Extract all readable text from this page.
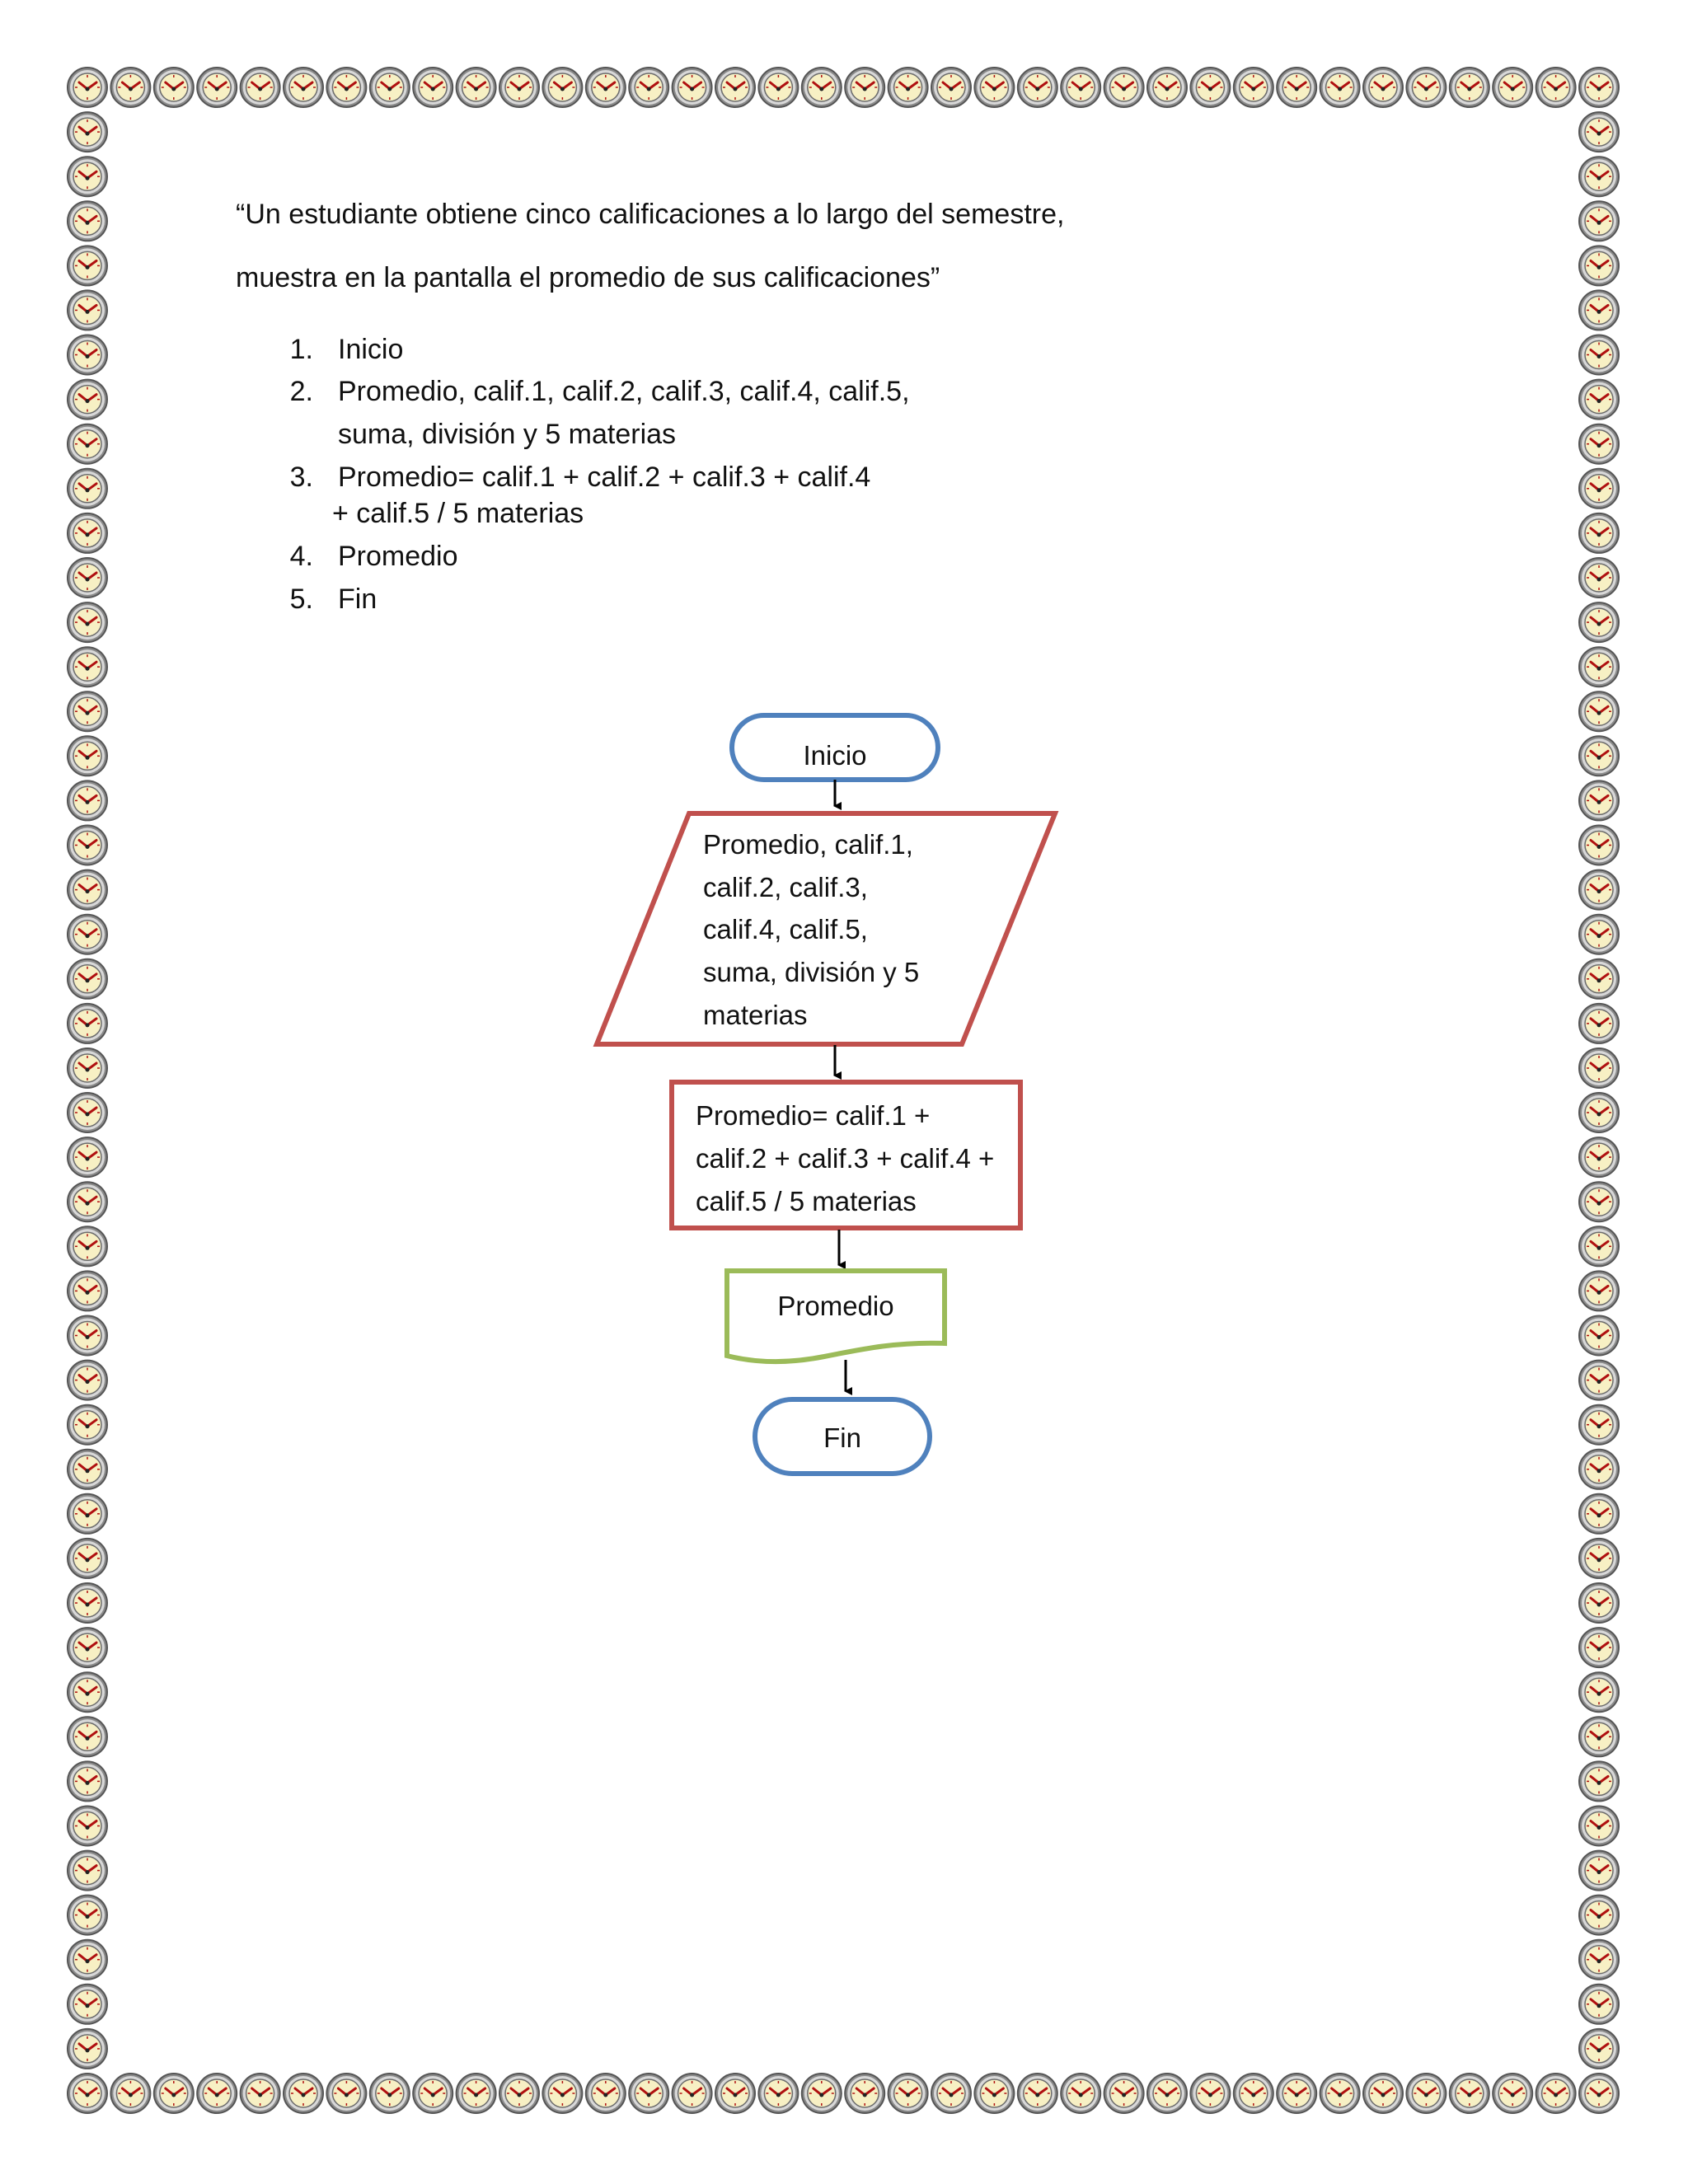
“Un estudiante obtiene cinco calificaciones a lo largo del semestre,

muestra en la pantalla el promedio de sus calificaciones”

1. Inicio

2. Promedio, calif.1, calif.2, calif.3, calif.4, calif.5,

suma, división y 5 materias

3. Promedio= calif.1 + calif.2 + calif.3 + calif.4

+ calif.5 / 5 materias

4. Promedio

5. Fin

Inicio
Promedio, calif.1,
calif.2, calif.3,
calif.4, calif.5,
suma, división y 5
materias
Promedio= calif.1 +
calif.2 + calif.3 + calif.4 +
calif.5 / 5 materias
Promedio
Fin
